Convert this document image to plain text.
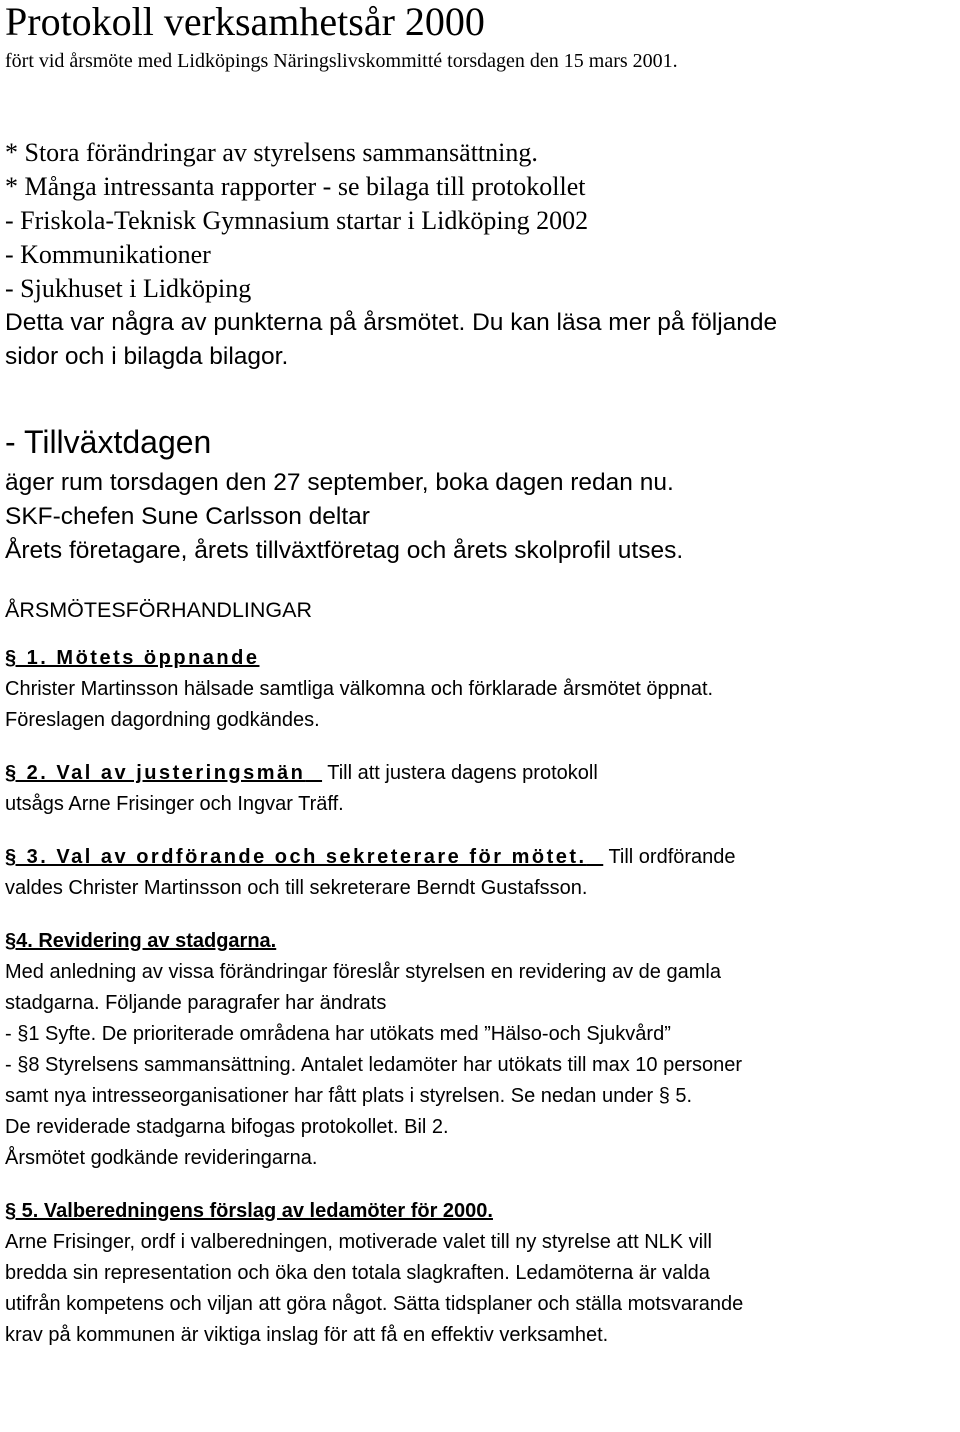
Protokoll verksamhetsår 2000
fört vid årsmöte med Lidköpings Näringslivskommitté torsdagen den 15 mars 2001.
* Stora förändringar av styrelsens sammansättning.
* Många intressanta rapporter - se bilaga till protokollet
- Friskola-Teknisk Gymnasium startar i Lidköping 2002
- Kommunikationer
- Sjukhuset i Lidköping
Detta var några av punkterna på årsmötet. Du kan läsa mer på följande
sidor och i bilagda bilagor.
- Tillväxtdagen
äger rum torsdagen den 27 september, boka dagen redan nu.
SKF-chefen Sune Carlsson deltar
Årets företagare, årets tillväxtföretag och årets skolprofil utses.
ÅRSMÖTESFÖRHANDLINGAR
§ 1. Mötets öppnande
Christer Martinsson hälsade samtliga välkomna och förklarade årsmötet öppnat.
Föreslagen dagordning godkändes.
§ 2. Val av justeringsmän Till att justera dagens protokoll
utsågs Arne Frisinger och Ingvar Träff.
§ 3. Val av ordförande och sekreterare för mötet. Till ordförande
valdes Christer Martinsson och till sekreterare Berndt Gustafsson.
§4. Revidering av stadgarna.
Med anledning av vissa förändringar föreslår styrelsen en revidering av de gamla
stadgarna. Följande paragrafer har ändrats
- §1 Syfte. De prioriterade områdena har utökats med ”Hälso-och Sjukvård”
- §8 Styrelsens sammansättning. Antalet ledamöter har utökats till max 10 personer
samt nya intresseorganisationer har fått plats i styrelsen. Se nedan under § 5.
De reviderade stadgarna bifogas protokollet. Bil 2.
Årsmötet godkände revideringarna.
§ 5. Valberedningens förslag av ledamöter för 2000.
Arne Frisinger, ordf i valberedningen, motiverade valet till ny styrelse att NLK vill
bredda sin representation och öka den totala slagkraften. Ledamöterna är valda
utifrån kompetens och viljan att göra något. Sätta tidsplaner och ställa motsvarande
krav på kommunen är viktiga inslag för att få en effektiv verksamhet.
